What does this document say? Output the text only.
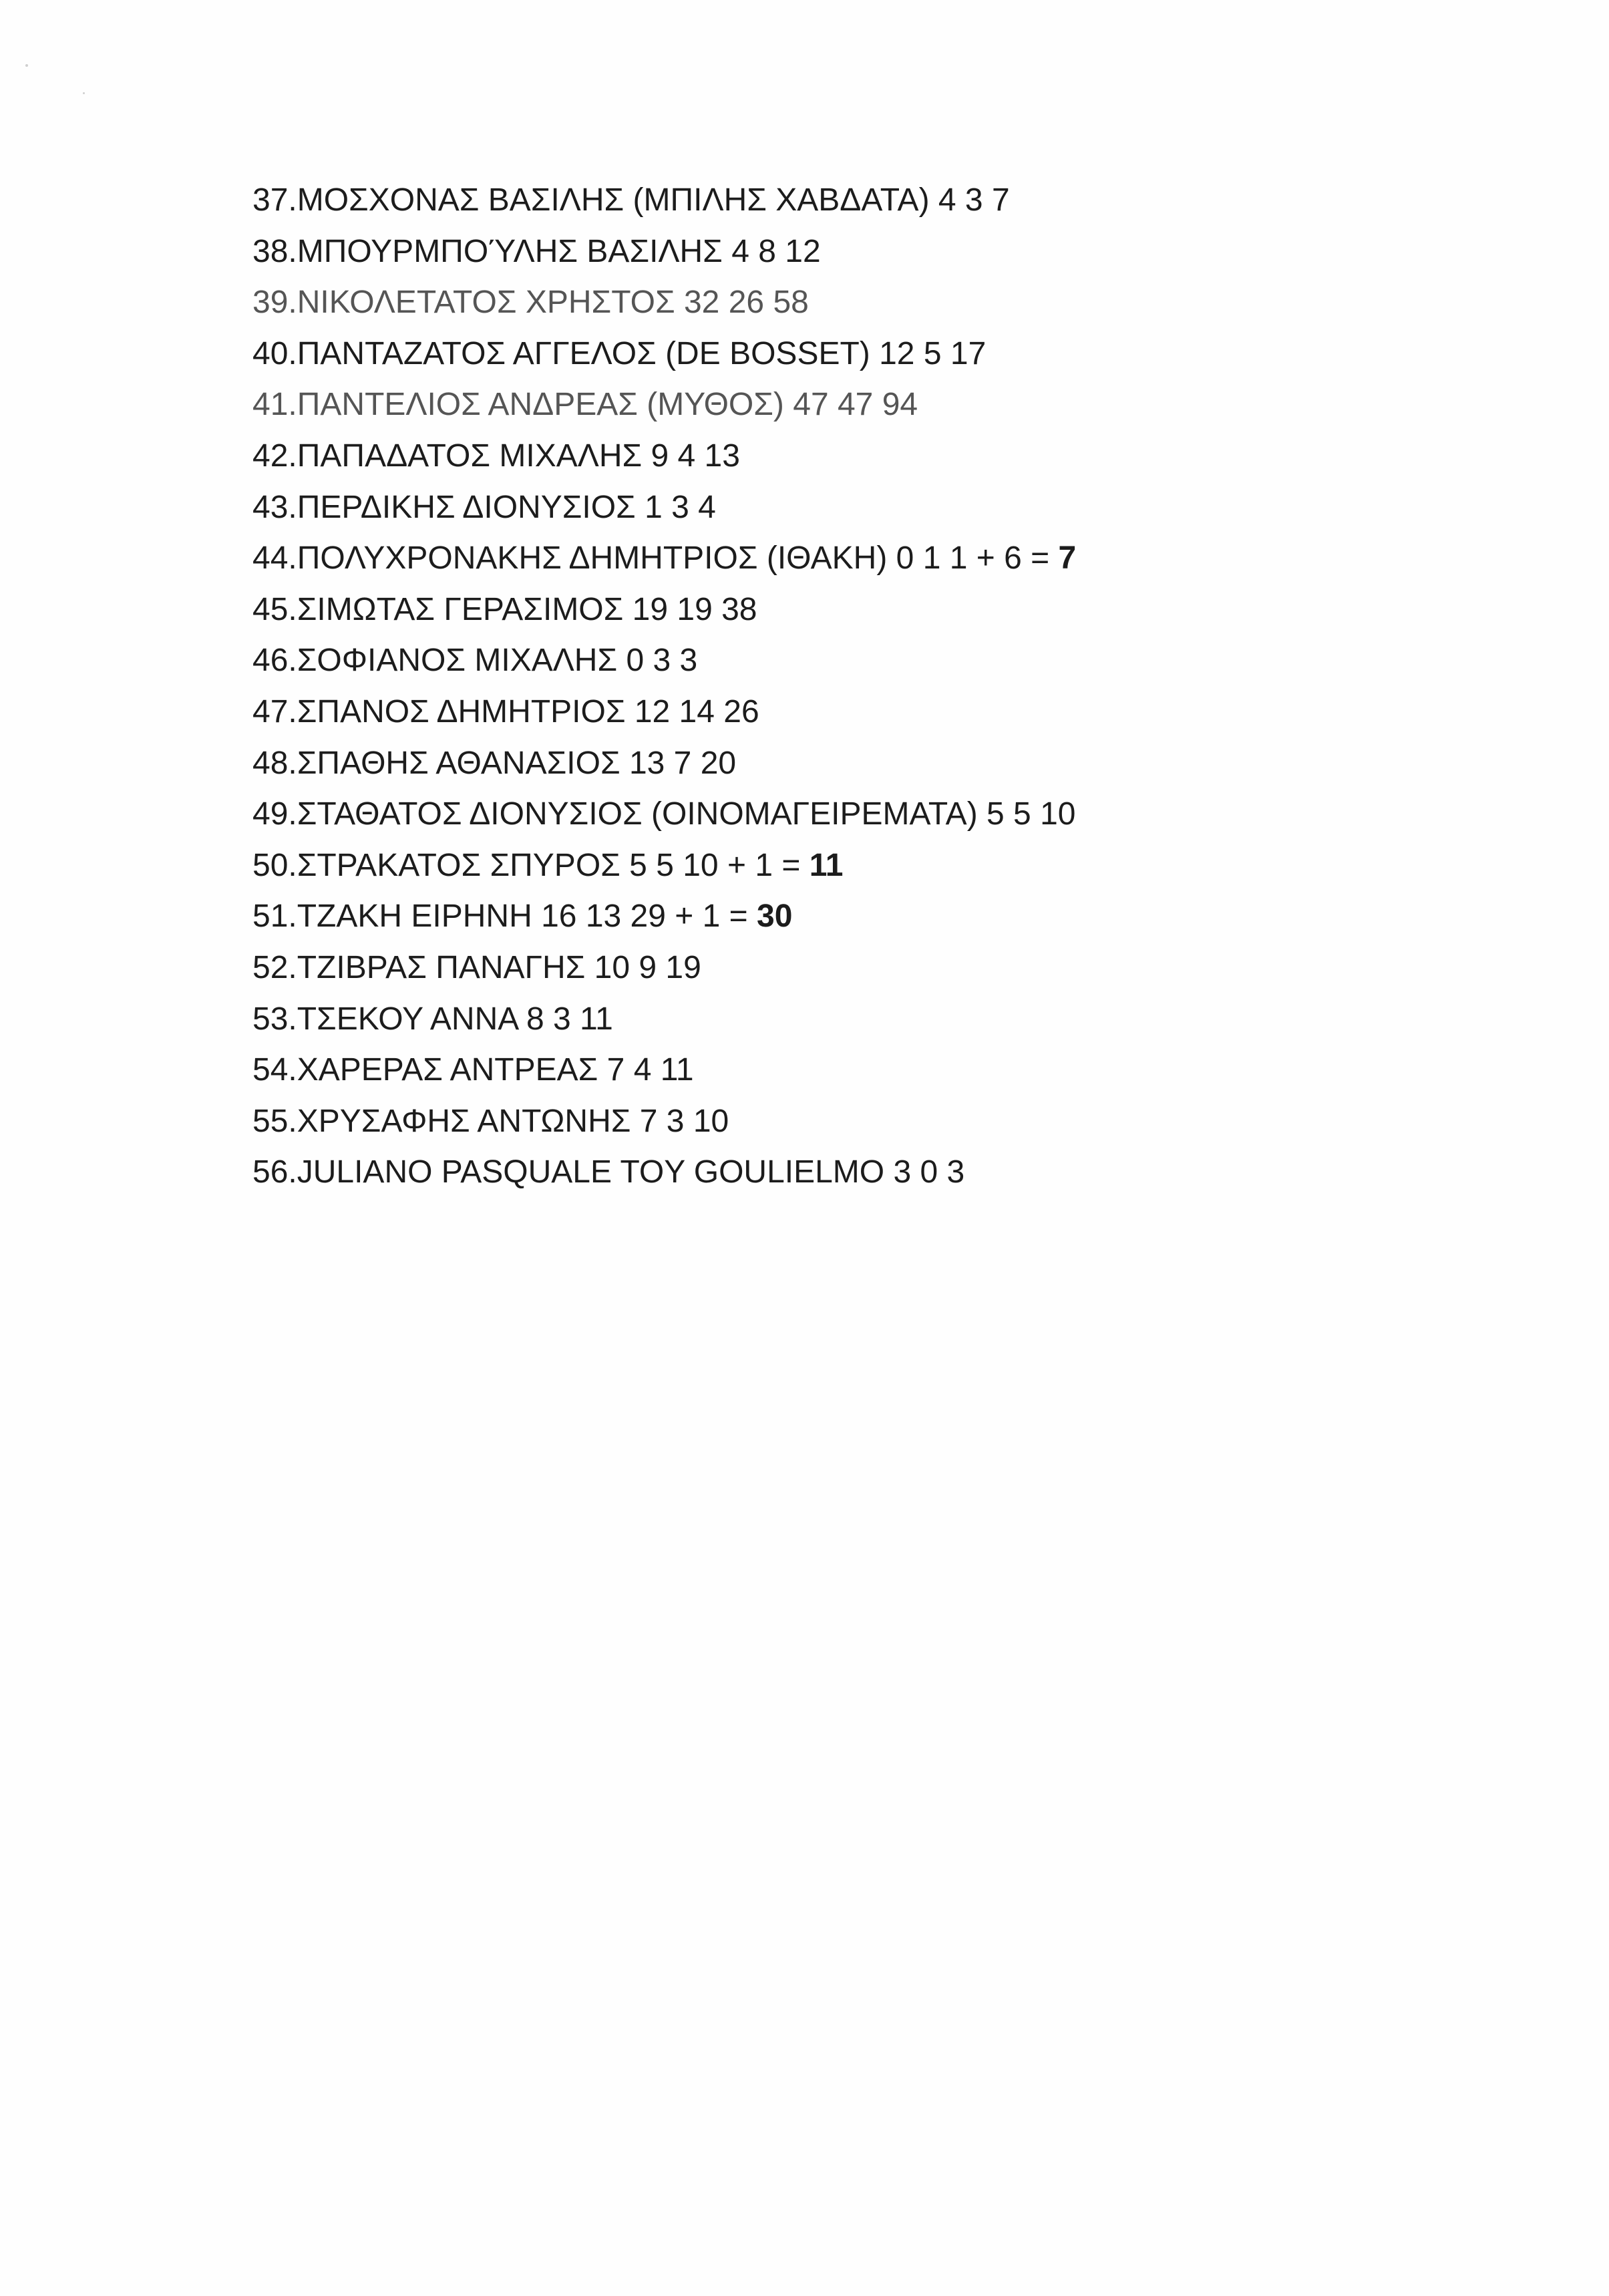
37.ΜΟΣΧΟΝΑΣ ΒΑΣΙΛΗΣ (ΜΠΙΛΗΣ ΧΑΒΔΑΤΑ) 4 3 7
38.ΜΠΟΥΡΜΠΟΎΛΗΣ ΒΑΣΙΛΗΣ 4 8 12
39.ΝΙΚΟΛΕΤΑΤΟΣ ΧΡΗΣΤΟΣ 32 26 58
40.ΠΑΝΤΑΖΑΤΟΣ ΑΓΓΕΛΟΣ (DE BOSSET) 12 5 17
41.ΠΑΝΤΕΛΙΟΣ ΑΝΔΡΕΑΣ (ΜΥΘΟΣ) 47 47 94
42.ΠΑΠΑΔΑΤΟΣ ΜΙΧΑΛΗΣ 9 4 13
43.ΠΕΡΔΙΚΗΣ ΔΙΟΝΥΣΙΟΣ 1 3 4
44.ΠΟΛΥΧΡΟΝΑΚΗΣ ΔΗΜΗΤΡΙΟΣ (ΙΘΑΚΗ) 0 1 1 + 6 = 7
45.ΣΙΜΩΤΑΣ ΓΕΡΑΣΙΜΟΣ 19 19 38
46.ΣΟΦΙΑΝΟΣ ΜΙΧΑΛΗΣ 0 3 3
47.ΣΠΑΝΟΣ ΔΗΜΗΤΡΙΟΣ 12 14 26
48.ΣΠΑΘΗΣ ΑΘΑΝΑΣΙΟΣ 13 7 20
49.ΣΤΑΘΑΤΟΣ ΔΙΟΝΥΣΙΟΣ (ΟΙΝΟΜΑΓΕΙΡΕΜΑΤΑ) 5 5 10
50.ΣΤΡΑΚΑΤΟΣ ΣΠΥΡΟΣ 5 5 10 + 1 = 11
51.ΤΖΑΚΗ ΕΙΡΗΝΗ 16 13 29 + 1 = 30
52.ΤΖΙΒΡΑΣ ΠΑΝΑΓΗΣ 10 9 19
53.ΤΣΕΚΟΥ ΑΝΝΑ 8 3 11
54.ΧΑΡΕΡΑΣ ΑΝΤΡΕΑΣ 7 4 11
55.ΧΡΥΣΑΦΗΣ ΑΝΤΩΝΗΣ 7 3 10
56.JULIANO PASQUALE TOY GOULIELMO 3 0 3
